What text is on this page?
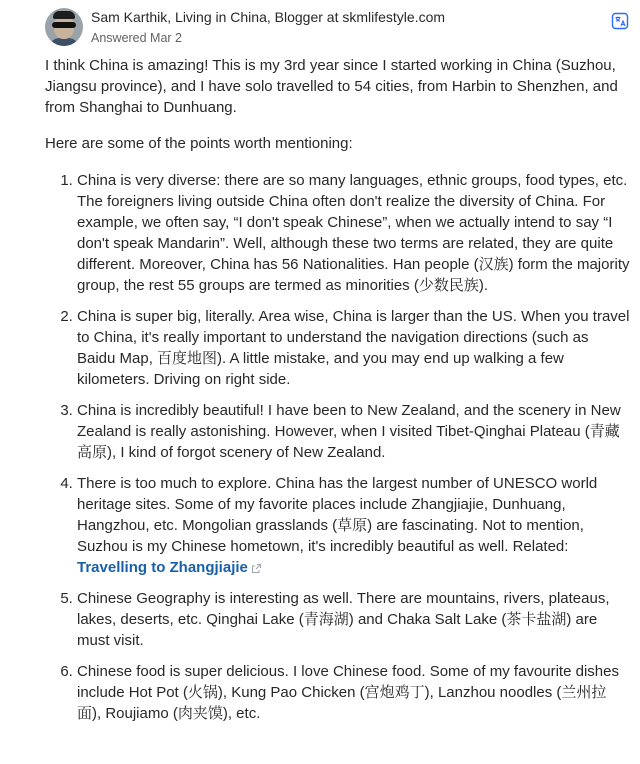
Sam Karthik, Living in China, Blogger at skmlifestyle.com
Answered Mar 2

I think China is amazing! This is my 3rd year since I started working in China (Suzhou, Jiangsu province), and I have solo travelled to 54 cities, from Harbin to Shenzhen, and from Shanghai to Dunhuang.

Here are some of the points worth mentioning:

1. China is very diverse: there are so many languages, ethnic groups, food types, etc. The foreigners living outside China often don't realize the diversity of China. For example, we often say, “I don't speak Chinese”, when we actually intend to say “I don't speak Mandarin”. Well, although these two terms are related, they are quite different. Moreover, China has 56 Nationalities. Han people (汉族) form the majority group, the rest 55 groups are termed as minorities (少数民族).
2. China is super big, literally. Area wise, China is larger than the US. When you travel to China, it's really important to understand the navigation directions (such as Baidu Map, 百度地图). A little mistake, and you may end up walking a few kilometers. Driving on right side.
3. China is incredibly beautiful! I have been to New Zealand, and the scenery in New Zealand is really astonishing. However, when I visited Tibet-Qinghai Plateau (青藏高原), I kind of forgot scenery of New Zealand.
4. There is too much to explore. China has the largest number of UNESCO world heritage sites. Some of my favorite places include Zhangjiajie, Dunhuang, Hangzhou, etc. Mongolian grasslands (草原) are fascinating. Not to mention, Suzhou is my Chinese hometown, it's incredibly beautiful as well. Related: Travelling to Zhangjiajie
5. Chinese Geography is interesting as well. There are mountains, rivers, plateaus, lakes, deserts, etc. Qinghai Lake (青海湖) and Chaka Salt Lake (茶卡盐湖) are must visit.
6. Chinese food is super delicious. I love Chinese food. Some of my favourite dishes include Hot Pot (火锅), Kung Pao Chicken (宫炮鸡丁), Lanzhou noodles (兰州拉面), Roujiamo (肉夹馍), etc.
